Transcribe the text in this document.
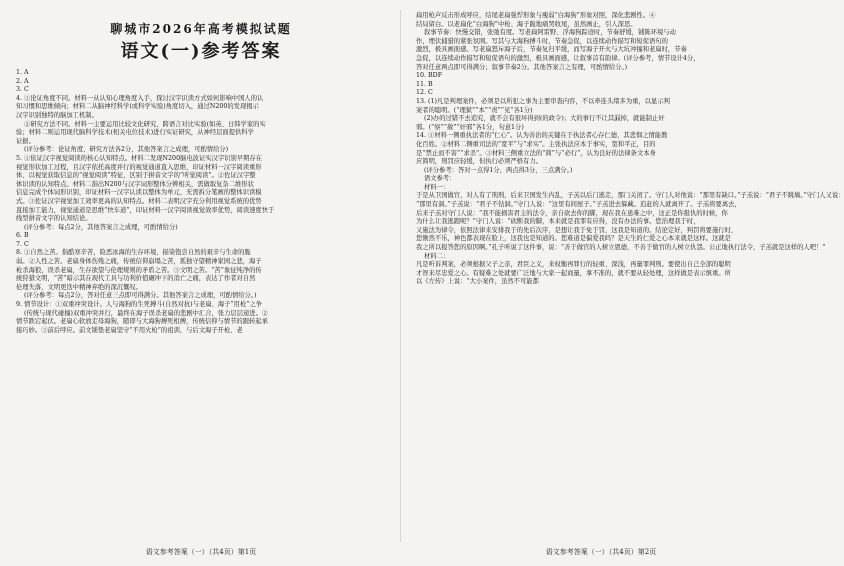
聊城市2026年高考模拟试题
语文(一)参考答案
1. A
2. A
3. C
4. ①论证角度不同。材料一从认知心理角度入手，探讨汉字识读方式如何影响中国人的认
知习惯和思维倾向；材料二从脑神经科学(或科学实验)角度切入，通过N200的发现揭示
汉字识别独特的脑加工机制。
②研究方法不同。材料一主要运用比较文化研究、跨语言对比实验(如英、日韩学家的实
验；材料二则运用现代脑科学技术(相关电位技术)进行实证研究，从神经层面提供科学
证据。
(评分参考：论证角度、研究方法各2分，其他答案言之成理，可酌情给分)
5. ①依证汉字视觉阅读的核心认知特点。材料二发现N200脑电波证实汉字识别早期存在
视觉形状加工过程，且汉字依托高度并行的视觉通道直入思维，印证材料一汉字阅读重形
体、以视觉获取信息的“视觉阅读”特征，区别于拼音文字的“听觉阅读”。②佐证汉字整
体识读的认知特点。材料二指出N200与汉字词形整体分辨相关，需做取复杂二维形状
信息完成个体词形识别，印证材料一汉字认读以整体为单元、无需拆分笔画的整体识读模
式。③佐证汉字视觉加工效率更高的认知特点。材料二表明汉字充分利用视觉系统的优势
直接加工能力，视觉通道是思维“快车道”，印证材料一汉字阅读视觉效率优势，阅读速度快于
线型拼音文字的认知结论。
(评分参考：每点2分，其他答案言之成理，可酌情给分)
6. B
7. C
8. ①自然之苦。指酷寒辛苦，险恶冰海的生存环境，描染饱尝自然的艰辛与生命的脆
弱。②人性之苦。老扁身体伤残之痛，传统信仰崩塌之苦，孤独守望精神家园之悲，海子
枪杀海狼，误杀老扁，生存欲望与伦理规则的矛盾之苦。③文明之苦。“苦”象征纯净的传
统狩猎文明，“苦”暗示其在现代工具与功利价值碾冲下的消亡之痛，表达了作者对自然
伦理失落、文明更迭中精神弃绝的深沉慨叹。
(评分参考：每点2分，答对任意三点即可得满分。其他答案言之成理，可酌情给分。)
9. 情节设计：①双重冲突设计。人与海狗的生死搏斗(自然对抗)与老扁、海子“用枪”之争
(传统与现代碰撞)双重冲突并行，最终在海子误杀老扁的悲剧中汇合，张力层层递进。②
情节跌宕起伏。老扁心软放走母海狗，随即与大海狗搏死相搏，传统信仰与情节的跟转起承
接巧妙。③前后呼应。前文铺垫老扁坚守“不用火枪”的祖训，与后文海子开枪、老
扁用枪声反击形成呼应，结尾老扁强悍形象与瘦弱“白海狗”形象对照，深化悲剧性。④
结局留白。以老扁化“白海狗”中枪、海子跪地痛哭收尾，虽然画止，引人深思。
叙事节奏：快慢交错，张弛有度。写老扁阿雷野、浮海狗踪迹时，节奏舒缓，铺陈环境与动
作，埋伏捕猎的紧张氛围。写其与大海狗搏斗时，节奏急促，以连续动作描写和短促语句的
激烈，极具画面感。写老扁怒斥海子后，节奏复归平缓，而写海子开火与大坑冲撞和老扁时，节奏
急促，以连续动作描写和短促语句的激烈，极具画面感，让叙事首有韵律。(评分参考，情节设计4分，
答对任意两点即可得满分；叙事节奏2分。其他答案言之有理，可酌情给分。)
10. BDF
11. B
12. C
13. (1)凡是判理案件，必须是以所犯之事为主要审查内容，不以牵连头绪多为重，以显示判
案者的聪明。(“理狱”“本”“责”“见”各1分)
(2)办的过错不去追究，就不会有很坏得到(的政令)；大的事行不让其漏掉，就能制止奸
邪。(“察”“赦”“奸邪”各1分，句意1分)
14. ①材料一侧重执法者的“仁心”。认为善治的关键在于执法者心存仁德，其悲悯之情能教
化百姓。②材料二侧重司法的“宽平”与“求实”。主张执法应本于事实，宽和平正，目的
是“禁止而不害”“求杀”。③材料三侧重立法的“简”与“必行”，认为良好的法律条文本身
应简明，刑罚应轻缓，但执行必须严格有力。
(评分参考：答对一点得1分，两点得3分，三点满分。)
语文参考：
材料一：
于是从卫国做官，对人有了刑刑，后来卫国发生内乱，子羔以后门逃走，那门关闭了。守门人对他说：“那里有缺口。”子羔说：“君子不跳墙。”守门人又说：
“那里有洞。”子羔说：“君子不钻洞。”守门人说：“这里有间屋子。”子羔进去躲藏。追赶的人就离开了。子羔将要离去，
后来子羔对守门人说：“我不能损害君主的法令，亲自砍去你的脚，现在我在患难之中，这正是你报仇的时候，你
为什么让我逃跑呢？”守门人说：“砍断我的脚，本来就是我罪有应得，没有办法的事。您治理我于时，
又施法为律令，依照法律来安排我于的先后次序，是想让我于免于罚，这我是知道的。结论定好，判罚将要施行时，
您愀然不乐，神色都表现在脸上，这我也是知道的。您难道是偏爱我吗？是天生的仁爱之心本来就是这样。这就是
我之所以报答您的原因啊。”孔子听说了这件事，说：“善于做官的人树立恩德，不善于做官的人树立仇怨。公正地执行法令，子羔就是这样的人吧！”
材料二：
凡是听诉判案，必须根据父子之亲，君臣之义，来权衡再罪行的轻重、深浅，再量罪判刑。要使出自己全部的聪明
才智来尽忠爱之心。有疑难之处就要广泛地与大家一起商量，拿不准的，就不要从轻处理，这样做是表示慎重。所
以《左传》上说：“大小案件，虽然不可能都
语文参考答案（一）（共4页）第1页	语文参考答案（一）（共4页）第2页
